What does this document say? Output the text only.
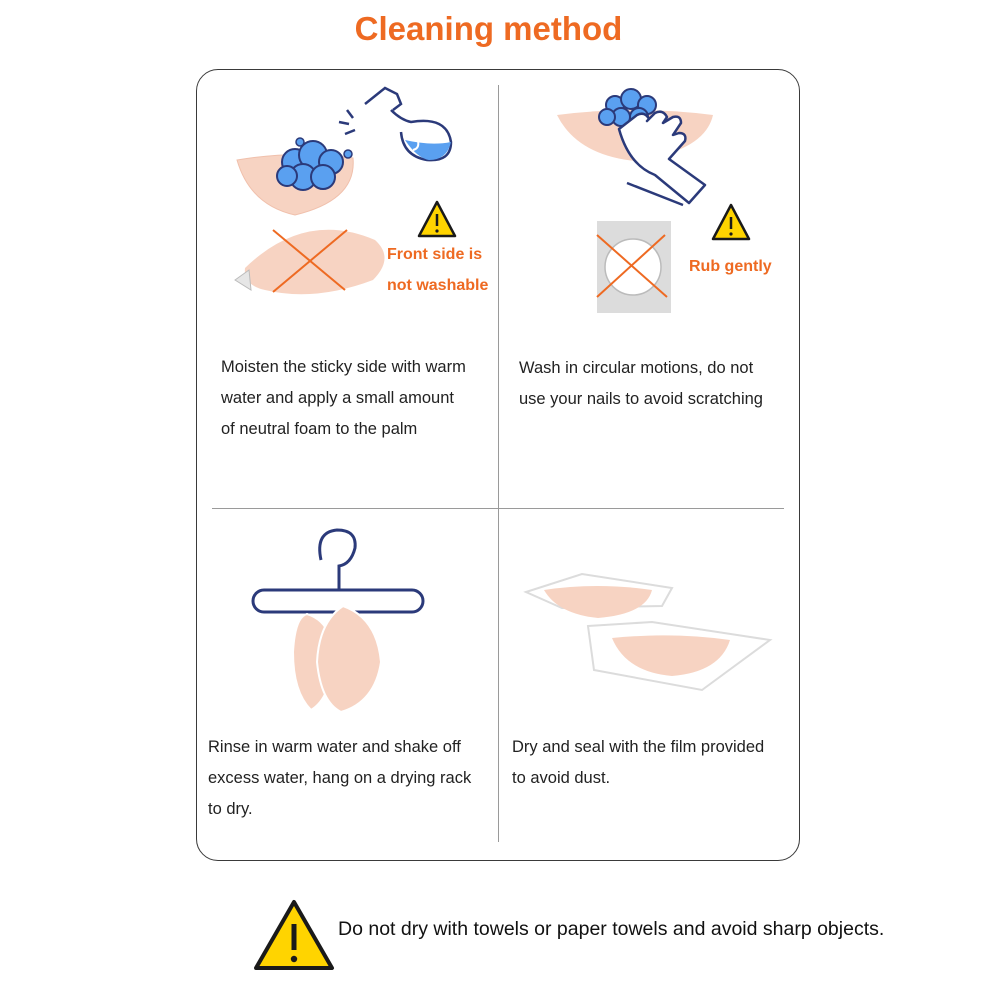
Cleaning method
Front side is
not washable
Moisten the sticky side with warm
water and apply a small amount
of neutral foam to the palm
Rub gently
Wash in circular motions, do not
use your nails to avoid scratching
Rinse in warm water and shake off
excess water, hang on a drying rack
to dry.
Dry and seal with the film provided
to avoid dust.
Do not dry with towels or paper towels and avoid sharp objects.
